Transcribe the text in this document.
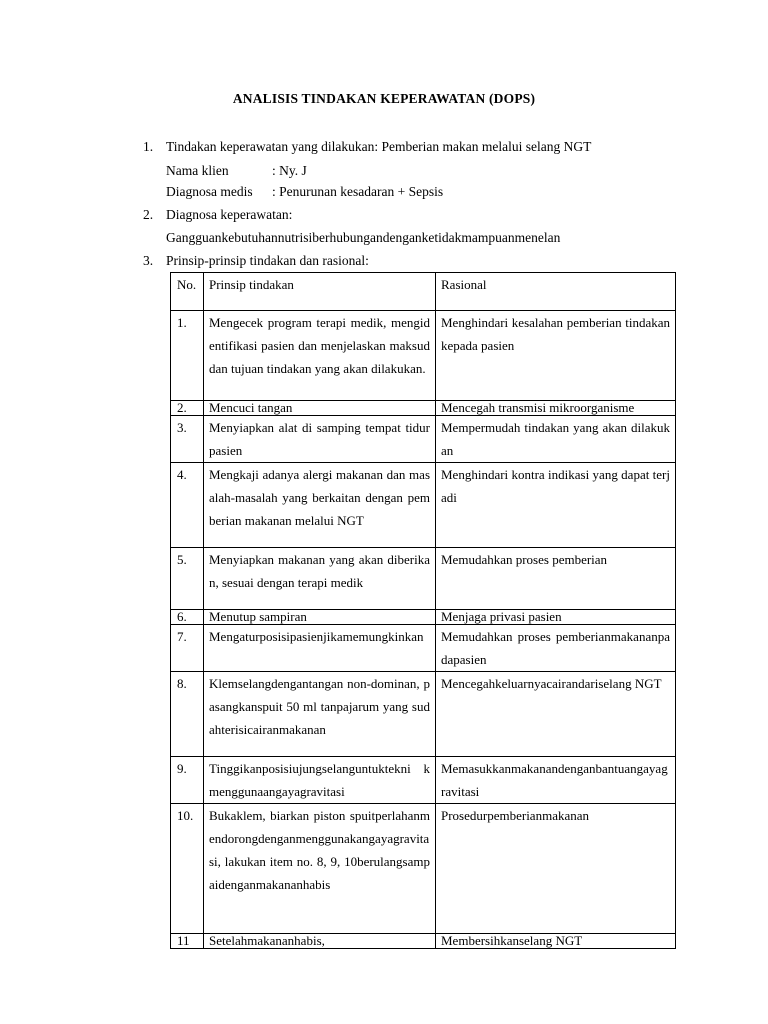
ANALISIS TINDAKAN KEPERAWATAN (DOPS)
1. Tindakan keperawatan yang dilakukan: Pemberian makan melalui selang NGT
Nama klien	: Ny. J
Diagnosa medis : Penurunan kesadaran + Sepsis
2. Diagnosa keperawatan:
Gangguankebutuhannutrisiberhubungandenganketidakmampuanmenelan
3. Prinsip-prinsip tindakan dan rasional:
No.	Prinsip tindakan	Rasional
1.	Mengecek program terapi medik, mengidentifikasi pasien dan menjelaskan maksud dan tujuan tindakan yang akan dilakukan.	Menghindari kesalahan pemberian tindakan kepada pasien
2.	Mencuci tangan	Mencegah transmisi mikroorganisme
3.	Menyiapkan alat di samping tempat tidur pasien	Mempermudah tindakan yang akan dilakukan
4.	Mengkaji adanya alergi makanan dan masalah-masalah yang berkaitan dengan pemberian makanan melalui NGT	Menghindari kontra indikasi yang dapat terjadi
5.	Menyiapkan makanan yang akan diberikan, sesuai dengan terapi medik	Memudahkan proses pemberian
6.	Menutup sampiran	Menjaga privasi pasien
7.	Mengaturposisipasienjikamemungkinkan	Memudahkan proses pemberianmakananpadapasien
8.	Klemselangdengantangan non-dominan, pasangkanspuit 50 ml tanpajarum yang sudahterisicairanmakanan	Mencegahkeluarnyacairandariselang NGT
9.	Tinggikanposisiujungselanguntuktekni kmenggunaangayagravitasi	Memasukkanmakanandenganbantuangayagravitasi
10.	Bukaklem, biarkan piston spuitperlahanmendorongdenganmenggunakangayagravitasi, lakukan item no. 8, 9, 10berulangsampaidenganmakananhabis	Prosedurpemberianmakanan
11	Setelahmakananhabis,	Membersihkanselang NGT
